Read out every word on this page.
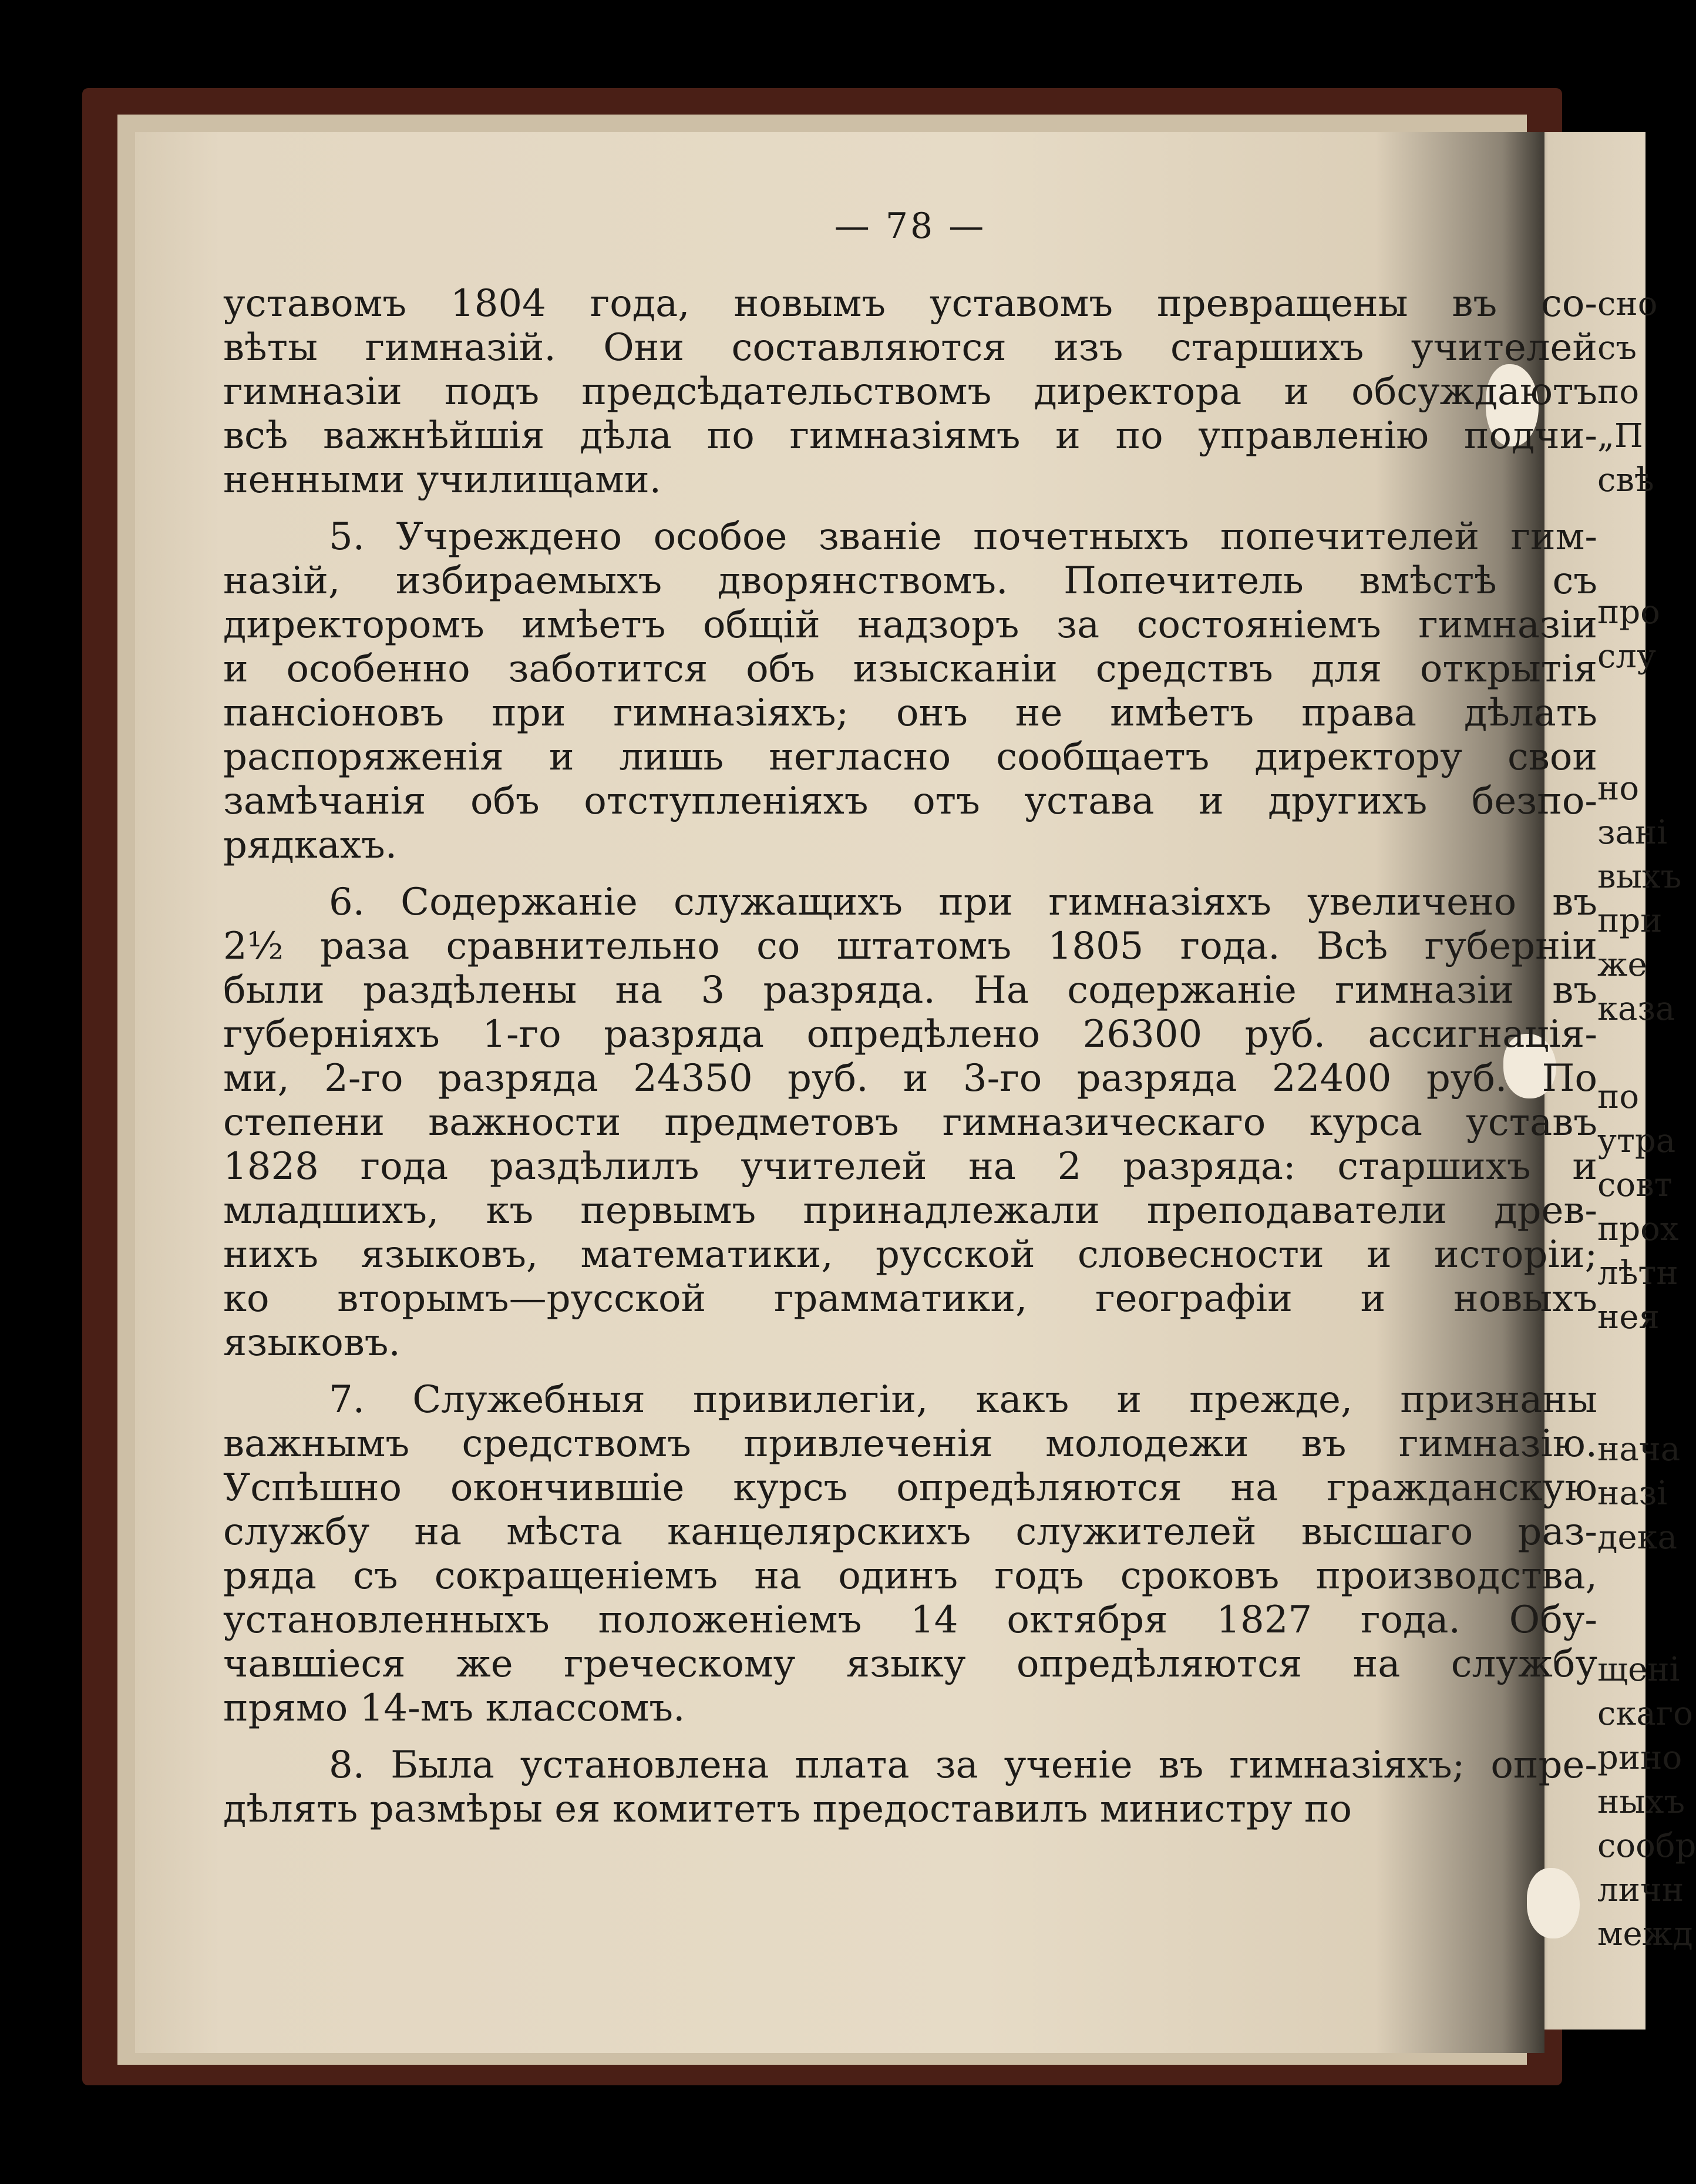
— 78 —
уставомъ 1804 года, новымъ уставомъ превращены въ со-
вѣты гимназій. Они составляются изъ старшихъ учителей
гимназіи подъ предсѣдательствомъ директора и обсуждаютъ
всѣ важнѣйшія дѣла по гимназіямъ и по управленію подчи-
ненными училищами.
5. Учреждено особое званіе почетныхъ попечителей гим-
назій, избираемыхъ дворянствомъ. Попечитель вмѣстѣ съ
директоромъ имѣетъ общій надзоръ за состояніемъ гимназіи
и особенно заботится объ изысканіи средствъ для открытія
пансіоновъ при гимназіяхъ; онъ не имѣетъ права дѣлать
распоряженія и лишь негласно сообщаетъ директору свои
замѣчанія объ отступленіяхъ отъ устава и другихъ безпо-
рядкахъ.
6. Содержаніе служащихъ при гимназіяхъ увеличено въ
2½ раза сравнительно со штатомъ 1805 года. Всѣ губерніи
были раздѣлены на 3 разряда. На содержаніе гимназіи въ
губерніяхъ 1-го разряда опредѣлено 26300 руб. ассигнація-
ми, 2-го разряда 24350 руб. и 3-го разряда 22400 руб. По
степени важности предметовъ гимназическаго курса уставъ
1828 года раздѣлилъ учителей на 2 разряда: старшихъ и
младшихъ, къ первымъ принадлежали преподаватели древ-
нихъ языковъ, математики, русской словесности и исторіи;
ко вторымъ—русской грамматики, географіи и новыхъ
языковъ.
7. Служебныя привилегіи, какъ и прежде, признаны
важнымъ средствомъ привлеченія молодежи въ гимназію.
Успѣшно окончившіе курсъ опредѣляются на гражданскую
службу на мѣста канцелярскихъ служителей высшаго раз-
ряда съ сокращеніемъ на одинъ годъ сроковъ производства,
установленныхъ положеніемъ 14 октября 1827 года. Обу-
чавшіеся же греческому языку опредѣляются на службу
прямо 14-мъ классомъ.
8. Была установлена плата за ученіе въ гимназіяхъ; опре-
дѣлять размѣры ея комитетъ предоставилъ министру по
сно
съ
по
„П
свѣ
про
слу
но
зані
выхъ
при
же
каза
по
утра
совт
прох
лѣтн
нея
нача
назі
дека
щені
скаго
рино
ныхъ
сообр
личн
межд
